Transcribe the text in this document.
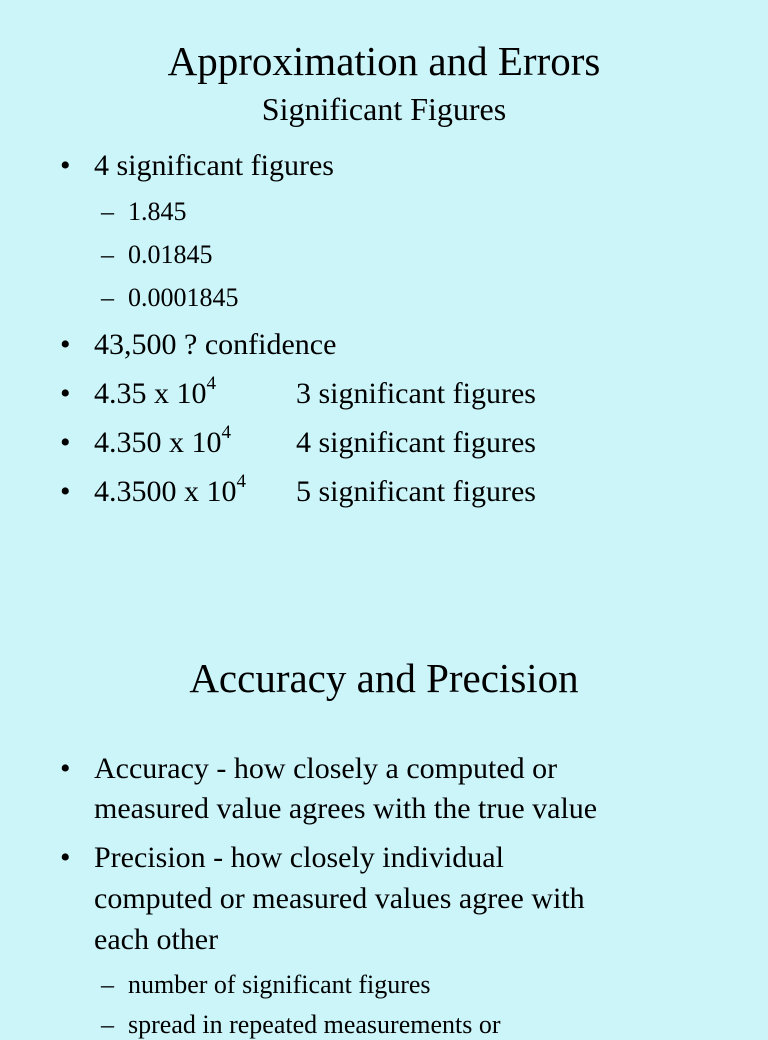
Approximation and Errors
Significant Figures
• 4 significant figures
– 1.845
– 0.01845
– 0.0001845
• 43,500 ? confidence
• 4.35 x $10^4$	3 significant figures
• 4.350 x $10^4$ 4 significant figures
• 4.3500 x $10^4$ 5 significant figures
Accuracy and Precision
• Accuracy - how closely a computed or
measured value agrees with the true value
• Precision - how closely individual
computed or measured values agree with
each other
– number of significant figures
– spread in repeated measurements or
